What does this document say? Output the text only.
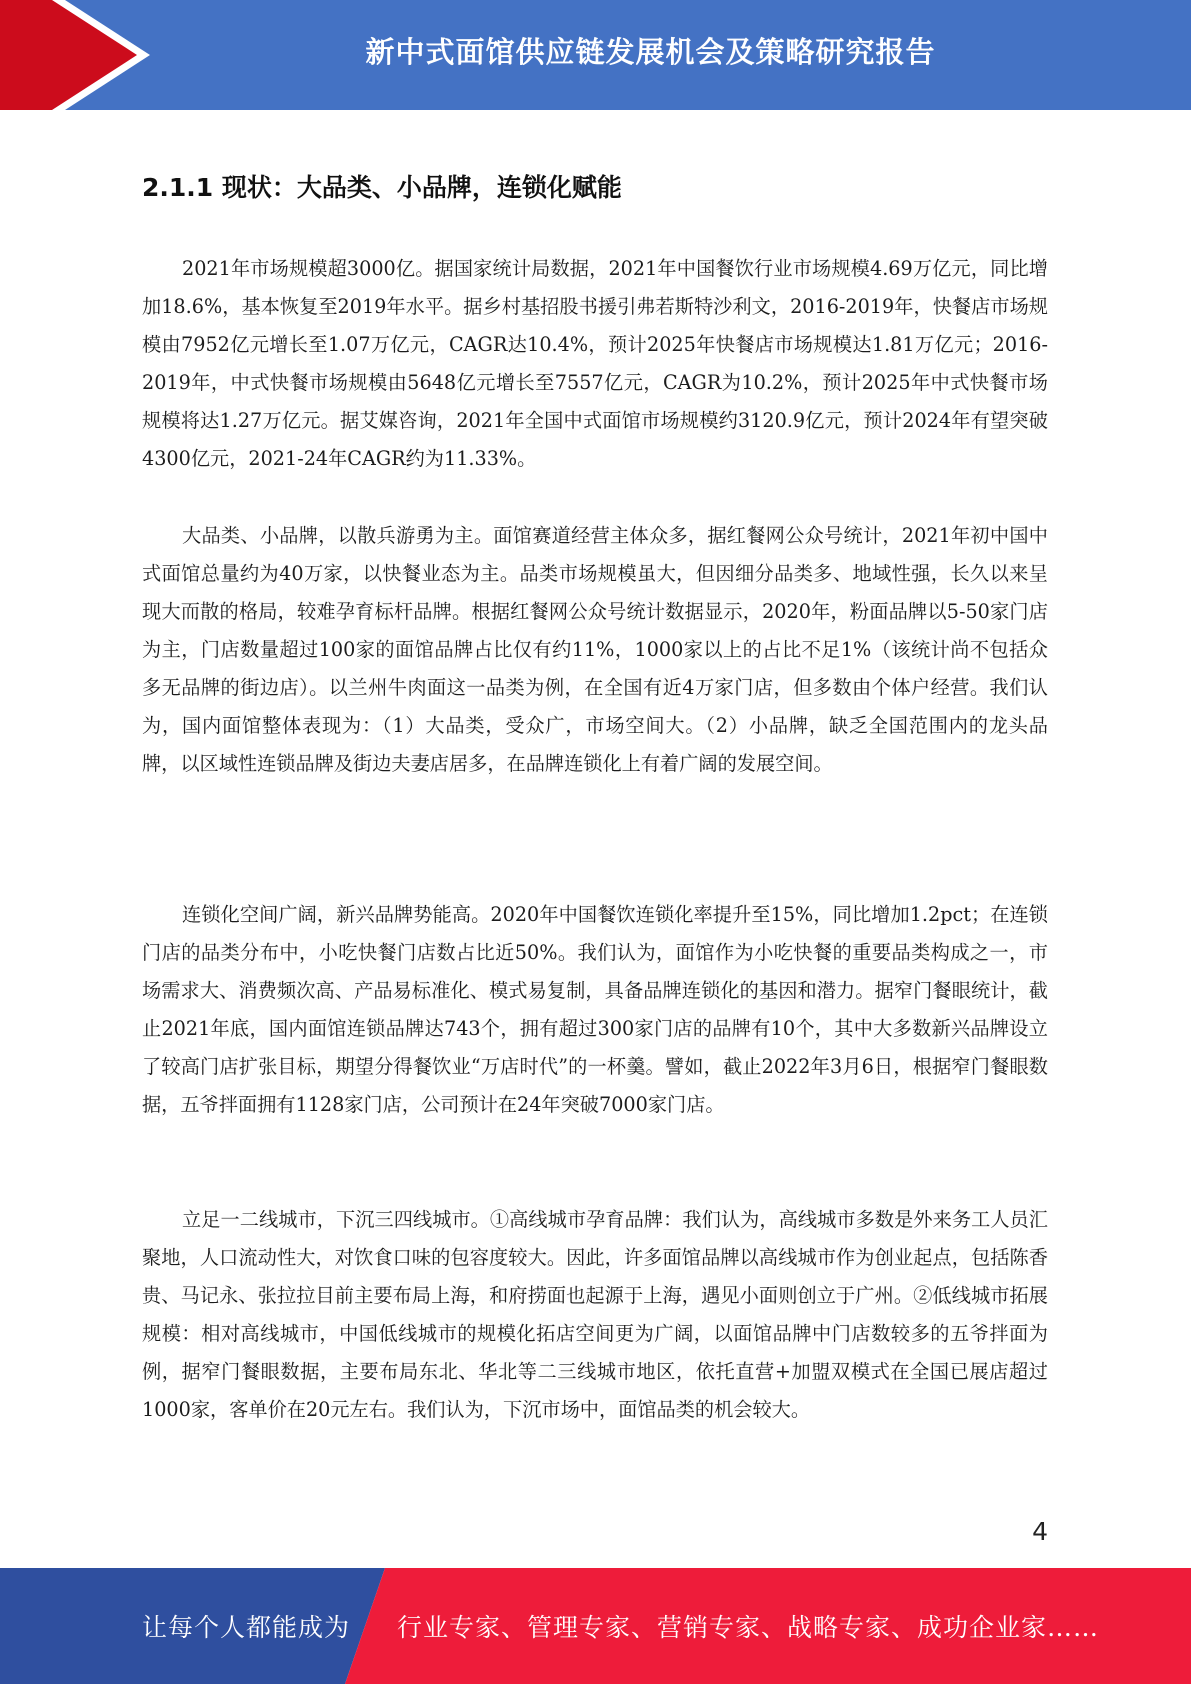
新中式面馆供应链发展机会及策略研究报告
2.1.1 现状：大品类、小品牌，连锁化赋能

2021年市场规模超3000亿。据国家统计局数据，2021年中国餐饮行业市场规模4.69万亿元，同比增加18.6%，基本恢复至2019年水平。据乡村基招股书援引弗若斯特沙利文，2016-2019年，快餐店市场规模由7952亿元增长至1.07万亿元，CAGR达10.4%，预计2025年快餐店市场规模达1.81万亿元；2016-2019年，中式快餐市场规模由5648亿元增长至7557亿元，CAGR为10.2%，预计2025年中式快餐市场规模将达1.27万亿元。据艾媒咨询，2021年全国中式面馆市场规模约3120.9亿元，预计2024年有望突破4300亿元，2021-24年CAGR约为11.33%。

大品类、小品牌，以散兵游勇为主。面馆赛道经营主体众多，据红餐网公众号统计，2021年初中国中式面馆总量约为40万家，以快餐业态为主。品类市场规模虽大，但因细分品类多、地域性强，长久以来呈现大而散的格局，较难孕育标杆品牌。根据红餐网公众号统计数据显示，2020年，粉面品牌以5-50家门店为主，门店数量超过100家的面馆品牌占比仅有约11%，1000家以上的占比不足1%（该统计尚不包括众多无品牌的街边店）。以兰州牛肉面这一品类为例，在全国有近4万家门店，但多数由个体户经营。我们认为，国内面馆整体表现为：（1）大品类，受众广，市场空间大。（2）小品牌，缺乏全国范围内的龙头品牌，以区域性连锁品牌及街边夫妻店居多，在品牌连锁化上有着广阔的发展空间。

连锁化空间广阔，新兴品牌势能高。2020年中国餐饮连锁化率提升至15%，同比增加1.2pct；在连锁门店的品类分布中，小吃快餐门店数占比近50%。我们认为，面馆作为小吃快餐的重要品类构成之一，市场需求大、消费频次高、产品易标准化、模式易复制，具备品牌连锁化的基因和潜力。据窄门餐眼统计，截止2021年底，国内面馆连锁品牌达743个，拥有超过300家门店的品牌有10个，其中大多数新兴品牌设立了较高门店扩张目标，期望分得餐饮业“万店时代”的一杯羹。譬如，截止2022年3月6日，根据窄门餐眼数据，五爷拌面拥有1128家门店，公司预计在24年突破7000家门店。

立足一二线城市，下沉三四线城市。①高线城市孕育品牌：我们认为，高线城市多数是外来务工人员汇聚地，人口流动性大，对饮食口味的包容度较大。因此，许多面馆品牌以高线城市作为创业起点，包括陈香贵、马记永、张拉拉目前主要布局上海，和府捞面也起源于上海，遇见小面则创立于广州。②低线城市拓展规模：相对高线城市，中国低线城市的规模化拓店空间更为广阔，以面馆品牌中门店数较多的五爷拌面为例，据窄门餐眼数据，主要布局东北、华北等二三线城市地区，依托直营+加盟双模式在全国已展店超过1000家，客单价在20元左右。我们认为，下沉市场中，面馆品类的机会较大。

4
让每个人都能成为 行业专家、管理专家、营销专家、战略专家、成功企业家……
